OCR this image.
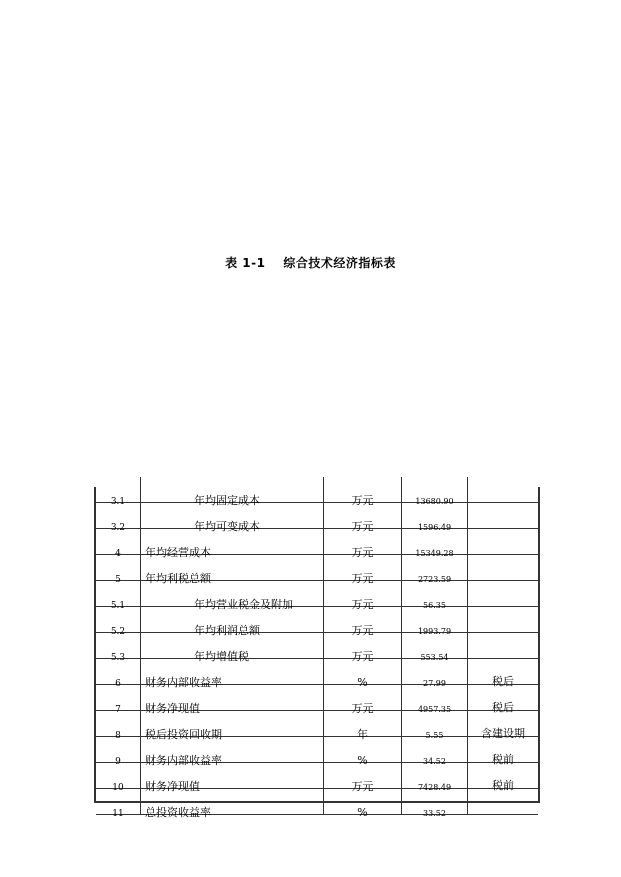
表 1-1 综合技术经济指标表
3.1	年均固定成本	万元	13680.90
3.2	年均可变成本	万元	1596.49
4	年均经营成本	万元	15349.28
5	年均利税总额	万元	2723.59
5.1	年均营业税金及附加	万元	56.35
5.2	年均利润总额	万元	1993.79
5.3	年均增值税	万元	553.54
6	财务内部收益率	%	27.99	税后
7	财务净现值	万元	4957.35	税后
8	税后投资回收期	年	5.55	含建设期
9	财务内部收益率	%	34.52	税前
10	财务净现值	万元	7428.49	税前
11	总投资收益率	%	33.52
